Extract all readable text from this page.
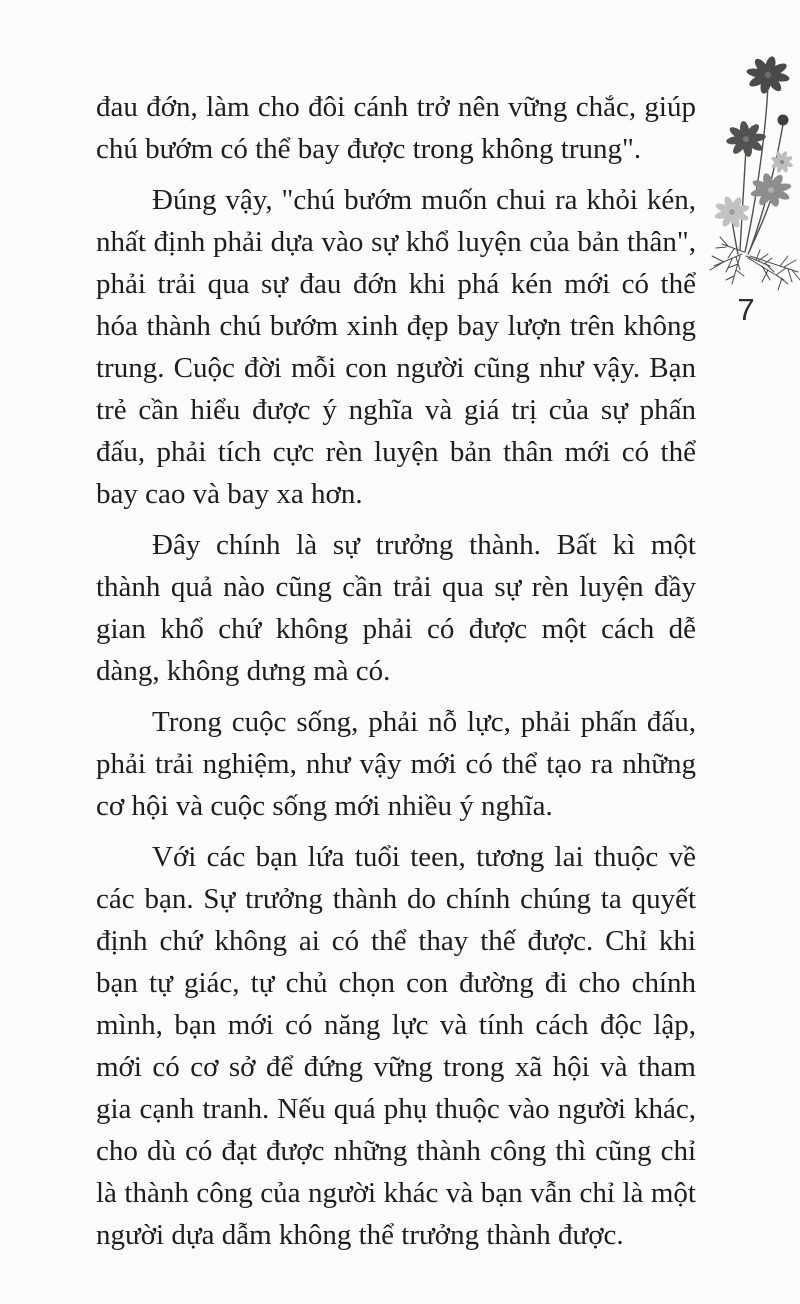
7

đau đớn, làm cho đôi cánh trở nên vững chắc, giúp chú bướm có thể bay được trong không trung".

Đúng vậy, "chú bướm muốn chui ra khỏi kén, nhất định phải dựa vào sự khổ luyện của bản thân", phải trải qua sự đau đớn khi phá kén mới có thể hóa thành chú bướm xinh đẹp bay lượn trên không trung. Cuộc đời mỗi con người cũng như vậy. Bạn trẻ cần hiểu được ý nghĩa và giá trị của sự phấn đấu, phải tích cực rèn luyện bản thân mới có thể bay cao và bay xa hơn.

Đây chính là sự trưởng thành. Bất kì một thành quả nào cũng cần trải qua sự rèn luyện đầy gian khổ chứ không phải có được một cách dễ dàng, không dưng mà có.

Trong cuộc sống, phải nỗ lực, phải phấn đấu, phải trải nghiệm, như vậy mới có thể tạo ra những cơ hội và cuộc sống mới nhiều ý nghĩa.

Với các bạn lứa tuổi teen, tương lai thuộc về các bạn. Sự trưởng thành do chính chúng ta quyết định chứ không ai có thể thay thế được. Chỉ khi bạn tự giác, tự chủ chọn con đường đi cho chính mình, bạn mới có năng lực và tính cách độc lập, mới có cơ sở để đứng vững trong xã hội và tham gia cạnh tranh. Nếu quá phụ thuộc vào người khác, cho dù có đạt được những thành công thì cũng chỉ là thành công của người khác và bạn vẫn chỉ là một người dựa dẫm không thể trưởng thành được.
